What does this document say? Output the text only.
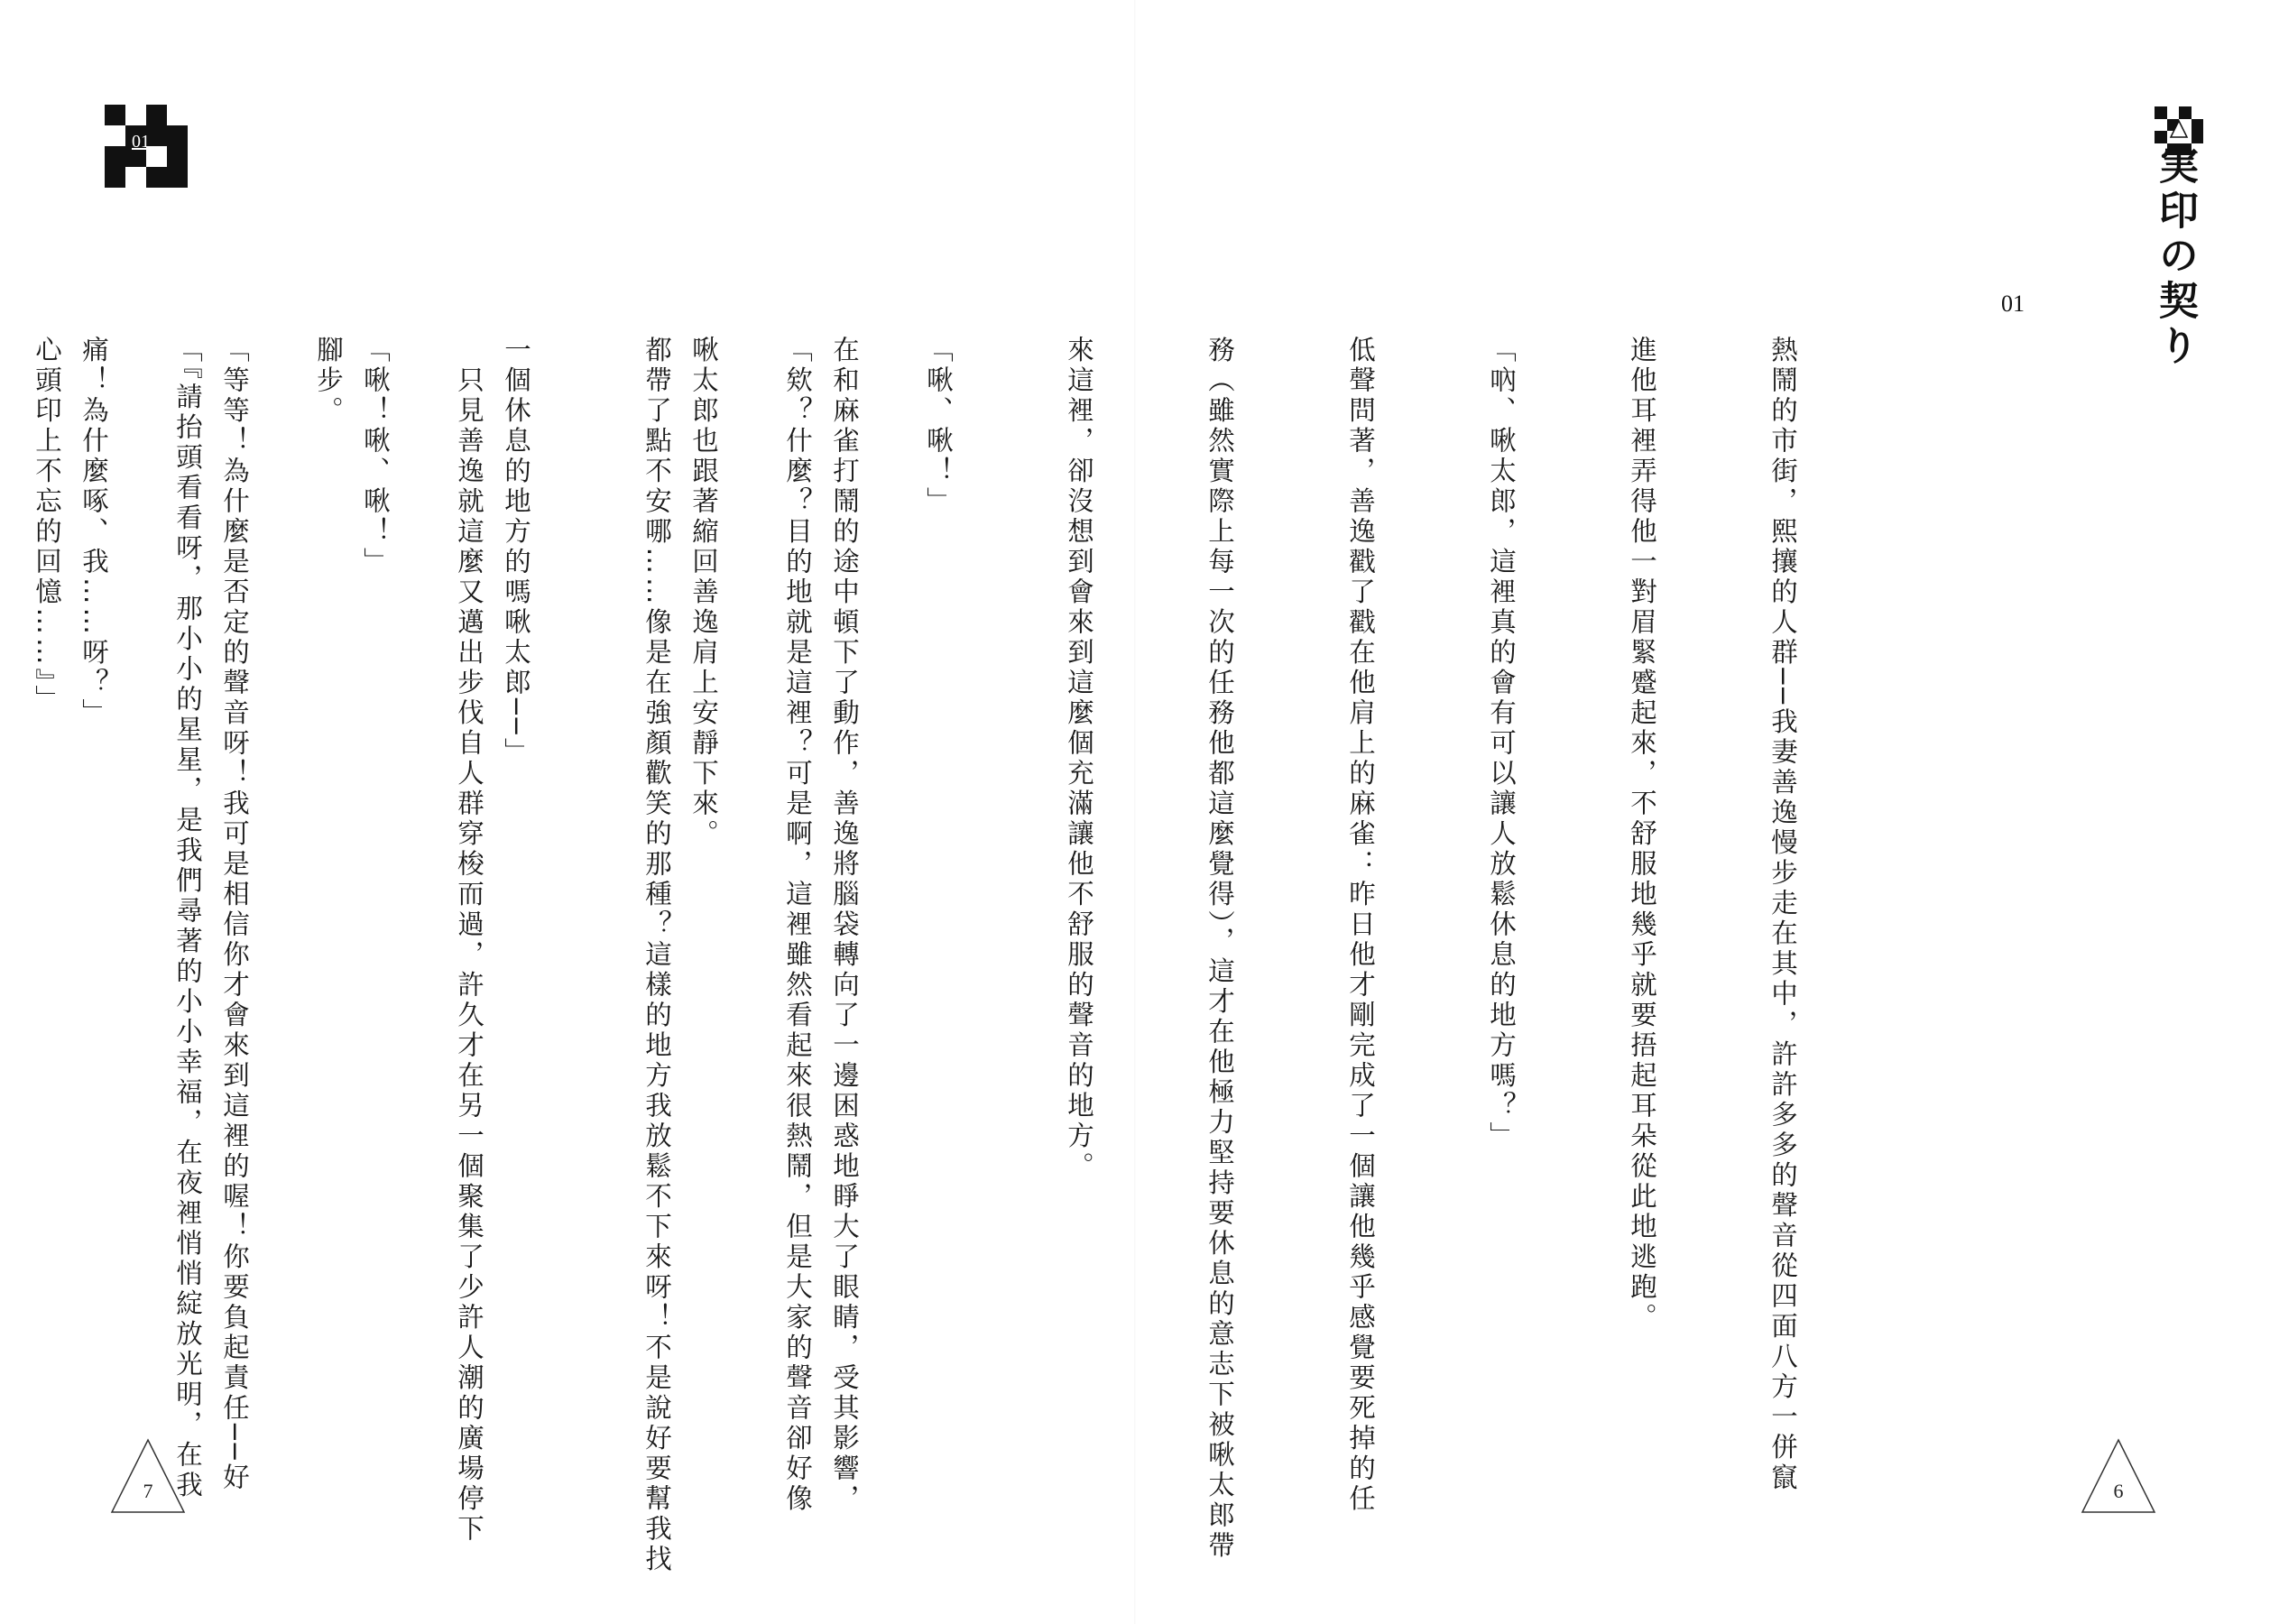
01
実印の契り
01

熱鬧的市街，熙攘的人群──我妻善逸慢步走在其中，許許多多的聲音從四面八方一併竄

進他耳裡弄得他一對眉緊蹙起來，不舒服地幾乎就要捂起耳朵從此地逃跑。

「吶、啾太郎，這裡真的會有可以讓人放鬆休息的地方嗎？」

低聲問著，善逸戳了戳在他肩上的麻雀：昨日他才剛完成了一個讓他幾乎感覺要死掉的任

務（雖然實際上每一次的任務他都這麼覺得），這才在他極力堅持要休息的意志下被啾太郎帶

來這裡，卻沒想到會來到這麼個充滿讓他不舒服的聲音的地方。

「啾、啾！」

「欸？什麼？目的地就是這裡？可是啊，這裡雖然看起來很熱鬧，但是大家的聲音卻好像

都帶了點不安哪……像是在強顏歡笑的那種？這樣的地方我放鬆不下來呀！不是說好要幫我找

一個休息的地方的嗎啾太郎──」

「啾！啾、啾！」

「等等！為什麼是否定的聲音呀！我可是相信你才會來到這裡的喔！你要負起責任──好

痛！為什麼啄、我……呀？」

	在和麻雀打鬧的途中頓下了動作，善逸將腦袋轉向了一邊困惑地睜大了眼睛，受其影響，

啾太郎也跟著縮回善逸肩上安靜下來。

　只見善逸就這麼又邁出步伐自人群穿梭而過，許久才在另一個聚集了少許人潮的廣場停下

腳步。

「『請抬頭看看呀，那小小的星星，是我們尋著的小小幸福，在夜裡悄悄綻放光明，在我

心頭印上不忘的回憶……』」

7	6
